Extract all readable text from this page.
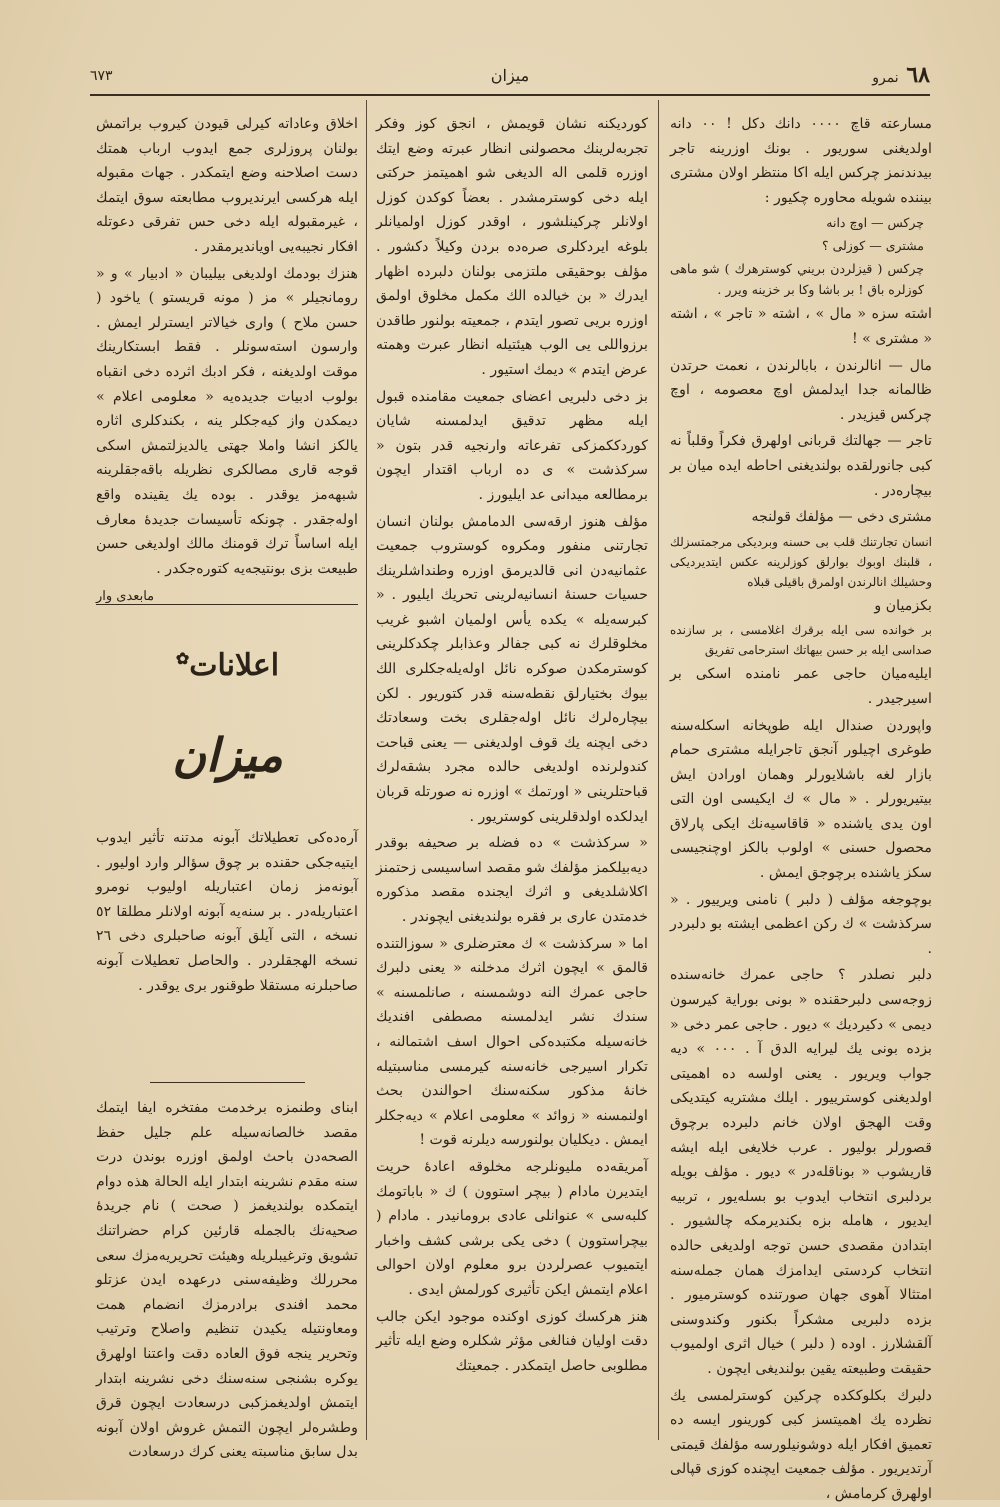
٦٨ نمرو
ميزان
٦٧٣

مسارعته قاچ ٠٠٠٠ دانك دكل ! ٠٠ دانه اولديغنى سوريور . بونك اوزرينه تاجر بيدندنمز چركس ايله اكا منتظر اولان مشترى بيننده شويله محاوره چكيور :

چركس — اوچ دانه

مشترى — كوزلى ؟

چركس ( قيزلردن بريني كوسترهرك ) شو ماهى كوزلره باق ! بر باشا وكا بر خزينه ويرر .

اشته سزه « مال » ، اشته « تاجر » ، اشته « مشترى » !

مال — انالرندن ، بابالرندن ، نعمت حرتدن ظالمانه جدا ايدلمش اوچ معصومه ، اوچ چركس قيزيدر .

تاجر — جهالتك قربانى اولهرق فكراً وقلباً نه كبى جانورلقده بولنديغنى احاطه ايده ميان بر بيچاره‌در .

مشترى دخى — مؤلفك قولنجه

انسان تجارتنك قلب بى حسنه وبرديكى مرجمتسزلك ، قلبنك اوبوك بوارلق كوزلرينه عكس ايتديرديكى وحشيلك انالرندن اولمرق باقيلى قبلاه

بكزميان و

بر خوانده سى ايله برقرك اغلامسى ، بر سازنده صداسى ايله بر حسن بيهاتك استرحامى تفريق

ايليه‌ميان حاجى عمر نامنده اسكى بر اسيرجيدر .

واپوردن صندال ايله طوپخانه اسكله‌سنه طوغرى اچيلور آنجق تاجرايله مشترى حمام بازار لغه باشلايورلر وهمان اورادن ايش بيتيريورلر . « مال » ك ايكيسى اون التى اون يدى ياشنده « قاقاسيه‌نك ايكى پارلاق محصول حسنى » اولوب بالكز اوچنجيسى سكز ياشنده برچوجق ايمش .

بوچوجغه مؤلف ( دلبر ) نامنى ويرييور . « سركذشت » ك ركن اعظمى ايشته بو دلبردر .

دلبر نصلدر ؟ حاجى عمرك خانه‌سنده زوجه‌سى دلبرحقنده « بونى بوراية كيرسون ديمى » دكيرديك » ديور . حاجى عمر دخى « بزده بونى يك ليرايه الدق آ . ٠٠٠ » ديه جواب ويريور . يعنى اولسه ده اهميتى اولديغنى كوسترييور . ايلك مشتريه كيتديكى وقت الهجق اولان خانم دلبرده برچوق قصورلر بوليور . عرب خلايغى ايله ايشه قاريشوب « بوناقله‌در » ديور . مؤلف بويله بردلبرى انتخاب ايدوب بو بسله‌يور ، تربيه ايديور ، هامله بزه بكنديرمكه چالشيور . ابتدادن مقصدى حسن توجه اولديغى حالده انتخاب كردستى ايدامزك همان جمله‌سنه امتثالا آهوى جهان صورتنده كوسترميور . بزده دلبريى مشكراً بكنور وكندوسنى آلقشلارز . اوده ( دلبر ) خيال اثرى اولميوب حقيقت وطبيعته يقين بولنديغى ايچون .

دلبرك بكلوككده چركين كوسترلمسى يك نظرده يك اهميتسز كبى كورينور ايسه ده تعميق افكار ايله دوشونيلورسه مؤلفك قيمتى آرتديريور . مؤلف جمعيت ايچنده كوزى قپالى اولهرق كرمامش ،

كورديكنه نشان قويمش ، انجق كوز وفكر تجربه‌لرينك محصولنى انظار عبرته وضع ايتك اوزره قلمى اله الديغى شو اهميتمز حركتى ايله دخى كوسترمشدر . بعضاً كوكدن كوزل اولانلر چركينلشور ، اوقدر كوزل اولميانلر بلوغه ايردكلرى صره‌ده بردن وكيلاً دكشور . مؤلف بوحقيقى ملتزمى بولنان دلبرده اظهار ايدرك « بن خيالده الك مكمل مخلوق اولمق اوزره بريى تصور ايتدم ، جمعيته بولنور طاقدن برزواللى يى الوب هيئتيله انظار عبرت وهمته عرض ايتدم » ديمك استيور .

بز دخى دلبريى اعضاى جمعيت مقامنده قبول ايله مظهر تدقيق ايدلمسنه شايان كوردككمزكى تفرعاته وارنجيه قدر بتون « سركذشت » ى ده ارباب اقتدار ايچون برمطالعه ميدانى عد ايليورز .

مؤلف هنوز ارقه‌سى الدمامش بولنان انسان تجارتنى منفور ومكروه كوستروب جمعيت عثمانيه‌دن انى قالديرمق اوزره وطنداشلرينك حسيات حسنهٔ انسانيه‌لرينى تحريك ايليور . « كبرسه‌يله » يكده يأس اولميان اشبو غريب مخلوقلرك نه كبى جفالر وعذابلر چكدكلرينى كوسترمكدن صوكره نائل اوله‌يله‌جكلرى الك بيوك بختيارلق نقطه‌سنه قدر كتوريور . لكن بيچاره‌لرك نائل اوله‌جقلرى بخت وسعادتك دخى ايچنه يك قوف اولديغنى — يعنى قباحت كندولرنده اولديغى حالده مجرد بشقه‌لرك قباحتلرينى « اورتمك » اوزره نه صورتله قربان ايدلكده اولدقلرينى كوستريور .

« سركذشت » ده فضله بر صحيفه بوقدر ديه‌بيلكمز مؤلفك شو مقصد اساسيسى زحتمنز اكلاشلديغى و اثرك ايجنده مقصد مذكوره خدمتدن عارى بر فقره بولنديغنى ايچوندر .

اما « سركذشت » ك معترضلرى « سوزالتنده قالمق » ايچون اثرك مدخلنه « يعنى دلبرك حاجى عمرك النه دوشمسنه ، صانلمسنه » سندك نشر ايدلمسنه مصطفى افنديك خانه‌سيله مكتبده‌كى احوال اسف اشتمالنه ، تكرار اسيرجى خانه‌سنه كيرمسى مناسبتيله خانهٔ مذكور سكنه‌سنك احوالندن بحث اولنمسنه « زوائد » معلومى اعلام » ديه‌جكلر ايمش . ديكليان بولنورسه ديلرنه قوت !

آمريقه‌ده مليونلرجه مخلوقه اعادهٔ حريت ايتديرن مادام ( بيچر استوون ) ك « باباتومك كلبه‌سى » عنوانلى عادى برومانيدر . مادام ( بيچراستوون ) دخى يكى برشى كشف واخبار ايتميوب عصرلردن برو معلوم اولان احوالى اعلام ايتمش ايكن تأثيرى كورلمش ايدى .

هنز هركسك كوزى اوكنده موجود ايكن جالب دقت اوليان فنالغى مؤثر شكلره وضع ايله تأثير مطلوبى حاصل ايتمكدر . جمعيتك

اخلاق وعاداته كيرلى قيودن كيروب براتمش بولنان پروزلرى جمع ايدوب ارباب همتك دست اصلاحنه وضع ايتمكدر . جهات مقبوله ايله هركسى ايرنديروب مطابعته سوق ايتمك ، غيرمقبوله ايله دخى حس تفرقى دعوتله افكار نجيبه‌يى اويانديرمقدر .

هنزك بودمك اولديغى بيليبان « ادبيار » و « رومانجيلر » مز ( مونه قريستو ) ياخود ( حسن ملاح ) وارى خيالاتر ايسترلر ايمش . وارسون استه‌سونلر . فقط ابستكارينك موقت اولديغنه ، فكر ادبك اثرده دخى انقباه بولوب ادبيات جديده‌يه « معلومى اعلام » ديمكدن واز كيه‌جكلر ينه ، بكندكلرى اثاره يالكز انشا واملا جهتى يالديزلتمش اسكى قوجه قارى مصالكرى نظريله باقه‌جقلرينه شبهه‌مز يوقدر . بوده يك يقينده واقع اوله‌جقدر . چونكه تأسيسات جديدهٔ معارف ايله اساساً ترك قومنك مالك اولديغى حسن طبيعت بزى بونتيجه‌يه كتوره‌جكدر .

مابعدى وار
اعلانات✿
ميزان

آره‌ده‌كى تعطيلاتك آبونه مدتنه تأثير ايدوب ايتيه‌جكى حقنده بر چوق سؤالر وارد اوليور . آبونه‌مز زمان اعتباريله اوليوب نومرو اعتباريله‌در . بر سنه‌يه آبونه اولانلر مطلقا ٥٢ نسخه ، التى آيلق آبونه صاحبلرى دخى ٢٦ نسخه الهجقلردر . والحاصل تعطيلات آبونه صاحبلرنه مستقلا طوقنور برى يوقدر .

ابناى وطنمزه برخدمت مفتخره ايفا ايتمك مقصد خالصانه‌سيله علم جليل حفظ الصحه‌دن باحث اولمق اوزره بوندن درت سنه مقدم نشرينه ابتدار ايله الحالة هذه دوام ايتمكده بولنديغمز ( صحت ) نام جريدهٔ صحيه‌نك بالجمله قارئين كرام حضراتنك تشويق وترغيبلريله وهيئت تحريريه‌مزك سعى محررلك وظيفه‌سنى درعهده ايدن عزتلو محمد افندى برادرمزك انضمام همت ومعاونتيله يكيدن تنظيم واصلاح وترتيب وتحرير ينجه فوق العاده دقت واعتنا اولهرق يوكره بشنجى سنه‌سنك دخى نشرينه ابتدار ايتمش اولديغمزكبى درسعادت ايچون قرق وطشره‌لر ايچون التمش غروش اولان آبونه بدل سابق مناسبته يعنى كرك درسعادت
